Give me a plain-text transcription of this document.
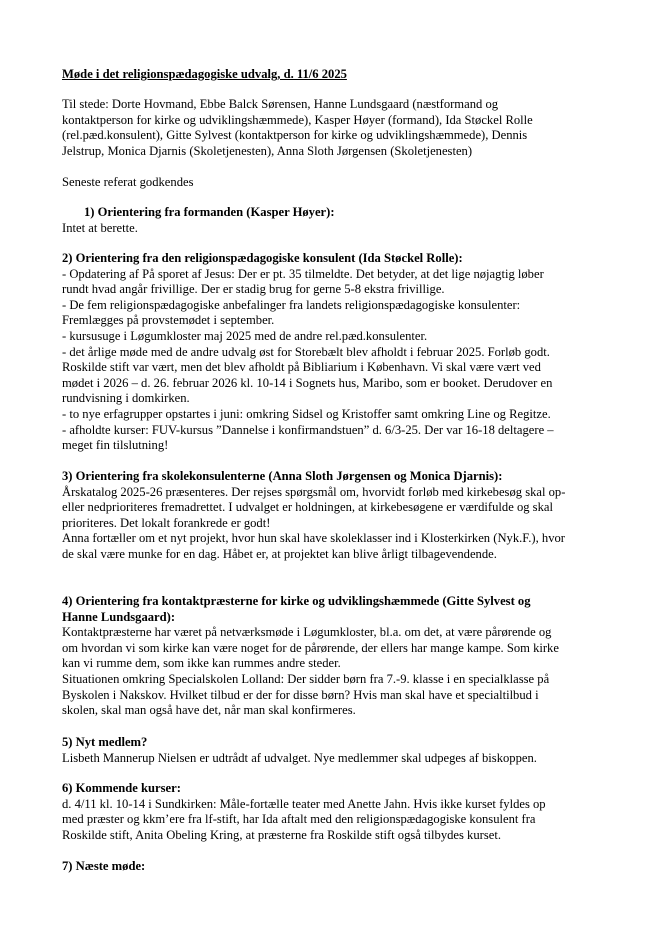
Møde i det religionspædagogiske udvalg, d. 11/6 2025
Til stede: Dorte Hovmand, Ebbe Balck Sørensen, Hanne Lundsgaard (næstformand og
kontaktperson for kirke og udviklingshæmmede), Kasper Høyer (formand), Ida Støckel Rolle
(rel.pæd.konsulent), Gitte Sylvest (kontaktperson for kirke og udviklingshæmmede), Dennis
Jelstrup, Monica Djarnis (Skoletjenesten), Anna Sloth Jørgensen (Skoletjenesten)
Seneste referat godkendes
1) Orientering fra formanden (Kasper Høyer):
Intet at berette.
2) Orientering fra den religionspædagogiske konsulent (Ida Støckel Rolle):
- Opdatering af På sporet af Jesus: Der er pt. 35 tilmeldte. Det betyder, at det lige nøjagtig løber
rundt hvad angår frivillige. Der er stadig brug for gerne 5-8 ekstra frivillige.
- De fem religionspædagogiske anbefalinger fra landets religionspædagogiske konsulenter:
Fremlægges på provstemødet i september.
- kursusuge i Løgumkloster maj 2025 med de andre rel.pæd.konsulenter.
- det årlige møde med de andre udvalg øst for Storebælt blev afholdt i februar 2025. Forløb godt.
Roskilde stift var vært, men det blev afholdt på Bibliarium i København. Vi skal være vært ved
mødet i 2026 – d. 26. februar 2026 kl. 10-14 i Sognets hus, Maribo, som er booket. Derudover en
rundvisning i domkirken.
- to nye erfagrupper opstartes i juni: omkring Sidsel og Kristoffer samt omkring Line og Regitze.
- afholdte kurser: FUV-kursus ”Dannelse i konfirmandstuen” d. 6/3-25. Der var 16-18 deltagere –
meget fin tilslutning!
3) Orientering fra skolekonsulenterne (Anna Sloth Jørgensen og Monica Djarnis):
Årskatalog 2025-26 præsenteres. Der rejses spørgsmål om, hvorvidt forløb med kirkebesøg skal op-
eller nedprioriteres fremadrettet. I udvalget er holdningen, at kirkebesøgene er værdifulde og skal
prioriteres. Det lokalt forankrede er godt!
Anna fortæller om et nyt projekt, hvor hun skal have skoleklasser ind i Klosterkirken (Nyk.F.), hvor
de skal være munke for en dag. Håbet er, at projektet kan blive årligt tilbagevendende.
4) Orientering fra kontaktpræsterne for kirke og udviklingshæmmede (Gitte Sylvest og
Hanne Lundsgaard):
Kontaktpræsterne har været på netværksmøde i Løgumkloster, bl.a. om det, at være pårørende og
om hvordan vi som kirke kan være noget for de pårørende, der ellers har mange kampe. Som kirke
kan vi rumme dem, som ikke kan rummes andre steder.
Situationen omkring Specialskolen Lolland: Der sidder børn fra 7.-9. klasse i en specialklasse på
Byskolen i Nakskov. Hvilket tilbud er der for disse børn? Hvis man skal have et specialtilbud i
skolen, skal man også have det, når man skal konfirmeres.
5) Nyt medlem?
Lisbeth Mannerup Nielsen er udtrådt af udvalget. Nye medlemmer skal udpeges af biskoppen.
6) Kommende kurser:
d. 4/11 kl. 10-14 i Sundkirken: Måle-fortælle teater med Anette Jahn. Hvis ikke kurset fyldes op
med præster og kkm’ere fra lf-stift, har Ida aftalt med den religionspædagogiske konsulent fra
Roskilde stift, Anita Obeling Kring, at præsterne fra Roskilde stift også tilbydes kurset.
7) Næste møde:
